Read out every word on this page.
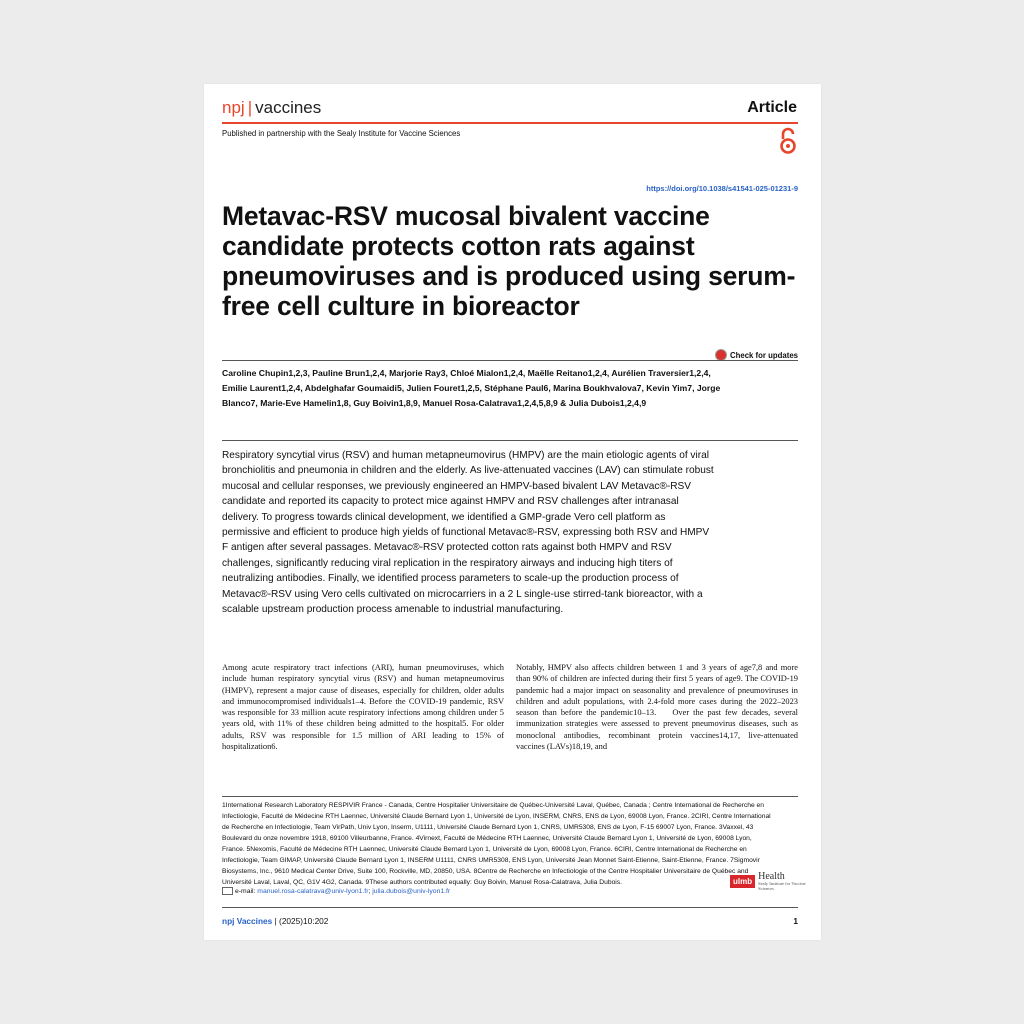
npj | vaccines	Article
Published in partnership with the Sealy Institute for Vaccine Sciences
https://doi.org/10.1038/s41541-025-01231-9
Metavac-RSV mucosal bivalent vaccine candidate protects cotton rats against pneumoviruses and is produced using serum-free cell culture in bioreactor
Check for updates
Caroline Chupin1,2,3, Pauline Brun1,2,4, Marjorie Ray3, Chloé Mialon1,2,4, Maëlle Reitano1,2,4, Aurélien Traversier1,2,4, Emilie Laurent1,2,4, Abdelghafar Goumaidi5, Julien Fouret1,2,5, Stéphane Paul6, Marina Boukhvalova7, Kevin Yim7, Jorge Blanco7, Marie-Eve Hamelin1,8, Guy Boivin1,8,9, Manuel Rosa-Calatrava1,2,4,5,8,9 & Julia Dubois1,2,4,9
Respiratory syncytial virus (RSV) and human metapneumovirus (HMPV) are the main etiologic agents of viral bronchiolitis and pneumonia in children and the elderly. As live-attenuated vaccines (LAV) can stimulate robust mucosal and cellular responses, we previously engineered an HMPV-based bivalent LAV Metavac®-RSV candidate and reported its capacity to protect mice against HMPV and RSV challenges after intranasal delivery. To progress towards clinical development, we identified a GMP-grade Vero cell platform as permissive and efficient to produce high yields of functional Metavac®-RSV, expressing both RSV and HMPV F antigen after several passages. Metavac®-RSV protected cotton rats against both HMPV and RSV challenges, significantly reducing viral replication in the respiratory airways and inducing high titers of neutralizing antibodies. Finally, we identified process parameters to scale-up the production process of Metavac®-RSV using Vero cells cultivated on microcarriers in a 2 L single-use stirred-tank bioreactor, with a scalable upstream production process amenable to industrial manufacturing.
Among acute respiratory tract infections (ARI), human pneumoviruses, which include human respiratory syncytial virus (RSV) and human metapneumovirus (HMPV), represent a major cause of diseases, especially for children, older adults and immunocompromised individuals1–4. Before the COVID-19 pandemic, RSV was responsible for 33 million acute respiratory infections among children under 5 years old, with 11% of these children being admitted to the hospital5. For older adults, RSV was responsible for 1.5 million of ARI leading to 15% of hospitalization6.
Notably, HMPV also affects children between 1 and 3 years of age7,8 and more than 90% of children are infected during their first 5 years of age9. The COVID-19 pandemic had a major impact on seasonality and prevalence of pneumoviruses in children and adult populations, with 2.4-fold more cases during the 2022–2023 season than before the pandemic10–13.    Over the past few decades, several immunization strategies were assessed to prevent pneumovirus diseases, such as monoclonal antibodies, recombinant protein vaccines14,17, live-attenuated vaccines (LAVs)18,19, and
1International Research Laboratory RESPIVIR France - Canada, Centre Hospitalier Universitaire de Québec-Université Laval, Québec, Canada ; Centre International de Recherche en Infectiologie, Faculté de Médecine RTH Laennec, Université Claude Bernard Lyon 1, Université de Lyon, INSERM, CNRS, ENS de Lyon, 69008 Lyon, France. 2CIRI, Centre International de Recherche en Infectiologie, Team VirPath, Univ Lyon, Inserm, U1111, Université Claude Bernard Lyon 1, CNRS, UMR5308, ENS de Lyon, F-15 69007 Lyon, France. 3Vaxxel, 43 Boulevard du onze novembre 1918, 69100 Villeurbanne, France. 4Virnext, Faculté de Médecine RTH Laennec, Université Claude Bernard Lyon 1, Université de Lyon, 69008 Lyon, France. 5Nexomis, Faculté de Médecine RTH Laennec, Université Claude Bernard Lyon 1, Université de Lyon, 69008 Lyon, France. 6CIRI, Centre International de Recherche en Infectiologie, Team GIMAP, Université Claude Bernard Lyon 1, INSERM U1111, CNRS UMR5308, ENS Lyon, Université Jean Monnet Saint-Etienne, Saint-Etienne, France. 7Sigmovir Biosystems, Inc., 9610 Medical Center Drive, Suite 100, Rockville, MD, 20850, USA. 8Centre de Recherche en Infectiologie of the Centre Hospitalier Universitaire de Québec and Université Laval, Laval, QC, G1V 4G2, Canada. 9These authors contributed equally: Guy Boivin, Manuel Rosa-Calatrava, Julia Dubois.
e-mail: manuel.rosa-calatrava@univ-lyon1.fr; julia.dubois@univ-lyon1.fr
ulmb Health
Sealy Institute for Vaccine Sciences
npj Vaccines | (2025)10:202	1
